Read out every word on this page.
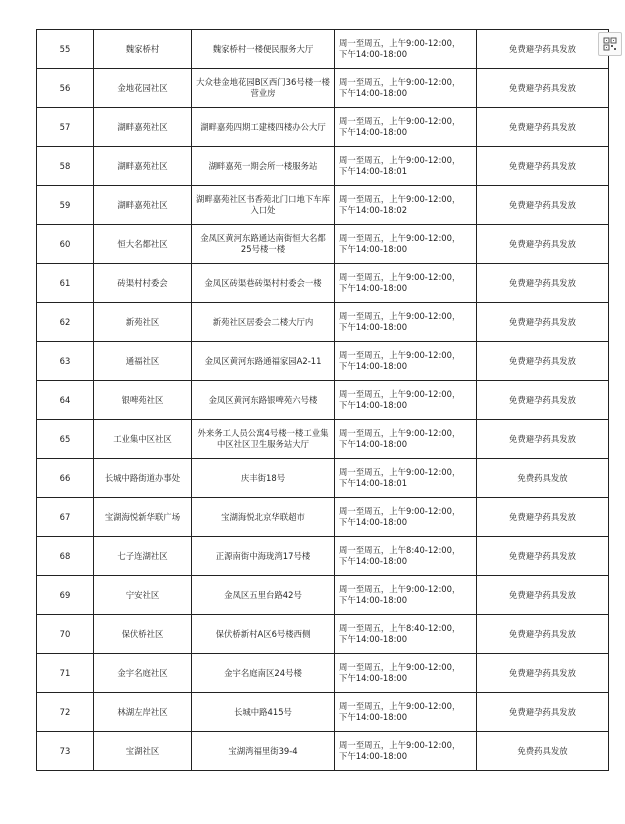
55	魏家桥村	魏家桥村一楼便民服务大厅	周一至周五，上午9:00-12:00，
下午14:00-18:00	免费避孕药具发放
56	金地花园社区	大众巷金地花园B区西门36号楼一楼营业房	周一至周五，上午9:00-12:00，
下午14:00-18:00	免费避孕药具发放
57	湖畔嘉苑社区	湖畔嘉苑四期工建楼四楼办公大厅	周一至周五，上午9:00-12:00，
下午14:00-18:00	免费避孕药具发放
58	湖畔嘉苑社区	湖畔嘉苑一期会所一楼服务站	周一至周五，上午9:00-12:00，
下午14:00-18:01	免费避孕药具发放
59	湖畔嘉苑社区	湖畔嘉苑社区书香苑北门口地下车库入口处	周一至周五，上午9:00-12:00，
下午14:00-18:02	免费避孕药具发放
60	恒大名都社区	金凤区黄河东路通达南街恒大名都25号楼一楼	周一至周五，上午9:00-12:00，
下午14:00-18:00	免费避孕药具发放
61	砖渠村村委会	金凤区砖渠巷砖渠村村委会一楼	周一至周五，上午9:00-12:00，
下午14:00-18:00	免费避孕药具发放
62	新苑社区	新苑社区居委会二楼大厅内	周一至周五，上午9:00-12:00，
下午14:00-18:00	免费避孕药具发放
63	通福社区	金凤区黄河东路通福家园A2-11	周一至周五，上午9:00-12:00，
下午14:00-18:00	免费避孕药具发放
64	银啤苑社区	金凤区黄河东路银啤苑六号楼	周一至周五，上午9:00-12:00，
下午14:00-18:00	免费避孕药具发放
65	工业集中区社区	外来务工人员公寓4号楼一楼工业集中区社区卫生服务站大厅	周一至周五，上午9:00-12:00，
下午14:00-18:00	免费避孕药具发放
66	长城中路街道办事处	庆丰街18号	周一至周五，上午9:00-12:00，
下午14:00-18:01	免费药具发放
67	宝湖海悦新华联广场	宝湖海悦北京华联超市	周一至周五，上午9:00-12:00，
下午14:00-18:00	免费避孕药具发放
68	七子连湖社区	正源南街中海珑湾17号楼	周一至周五，上午8:40-12:00，
下午14:00-18:00	免费避孕药具发放
69	宁安社区	金凤区五里台路42号	周一至周五，上午9:00-12:00，
下午14:00-18:00	免费避孕药具发放
70	保伏桥社区	保伏桥新村A区6号楼西侧	周一至周五，上午8:40-12:00，
下午14:00-18:00	免费避孕药具发放
71	金宇名庭社区	金宇名庭南区24号楼	周一至周五，上午9:00-12:00，
下午14:00-18:00	免费避孕药具发放
72	林湖左岸社区	长城中路415号	周一至周五，上午9:00-12:00，
下午14:00-18:00	免费避孕药具发放
73	宝湖社区	宝湖湾福里街39-4	周一至周五，上午9:00-12:00，
下午14:00-18:00	免费药具发放
